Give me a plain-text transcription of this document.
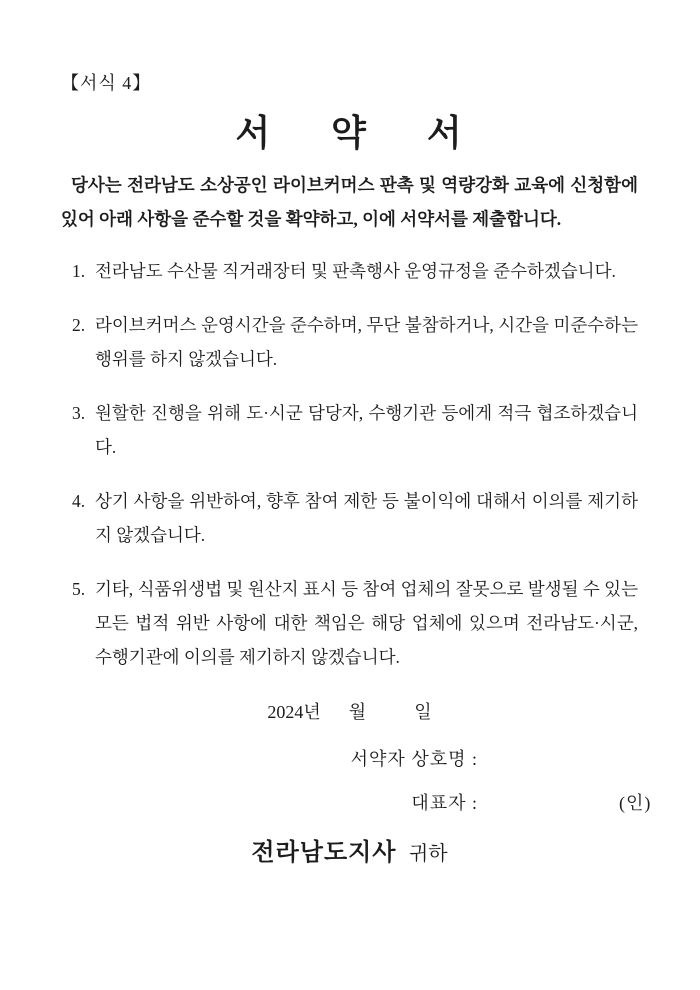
【서식 4】
서 약 서

당사는 전라남도 소상공인 라이브커머스 판촉 및 역량강화 교육에 신청함에 있어 아래 사항을 준수할 것을 확약하고, 이에 서약서를 제출합니다.

1. 전라남도 수산물 직거래장터 및 판촉행사 운영규정을 준수하겠습니다.
2. 라이브커머스 운영시간을 준수하며, 무단 불참하거나, 시간을 미준수하는 행위를 하지 않겠습니다.
3. 원할한 진행을 위해 도·시군 담당자, 수행기관 등에게 적극 협조하겠습니다.
4. 상기 사항을 위반하여, 향후 참여 제한 등 불이익에 대해서 이의를 제기하지 않겠습니다.
5. 기타, 식품위생법 및 원산지 표시 등 참여 업체의 잘못으로 발생될 수 있는 모든 법적 위반 사항에 대한 책임은 해당 업체에 있으며 전라남도·시군, 수행기관에 이의를 제기하지 않겠습니다.
2024년 월	일
서약자 상호명 :
대표자 :	(인)
전라남도지사 귀하
